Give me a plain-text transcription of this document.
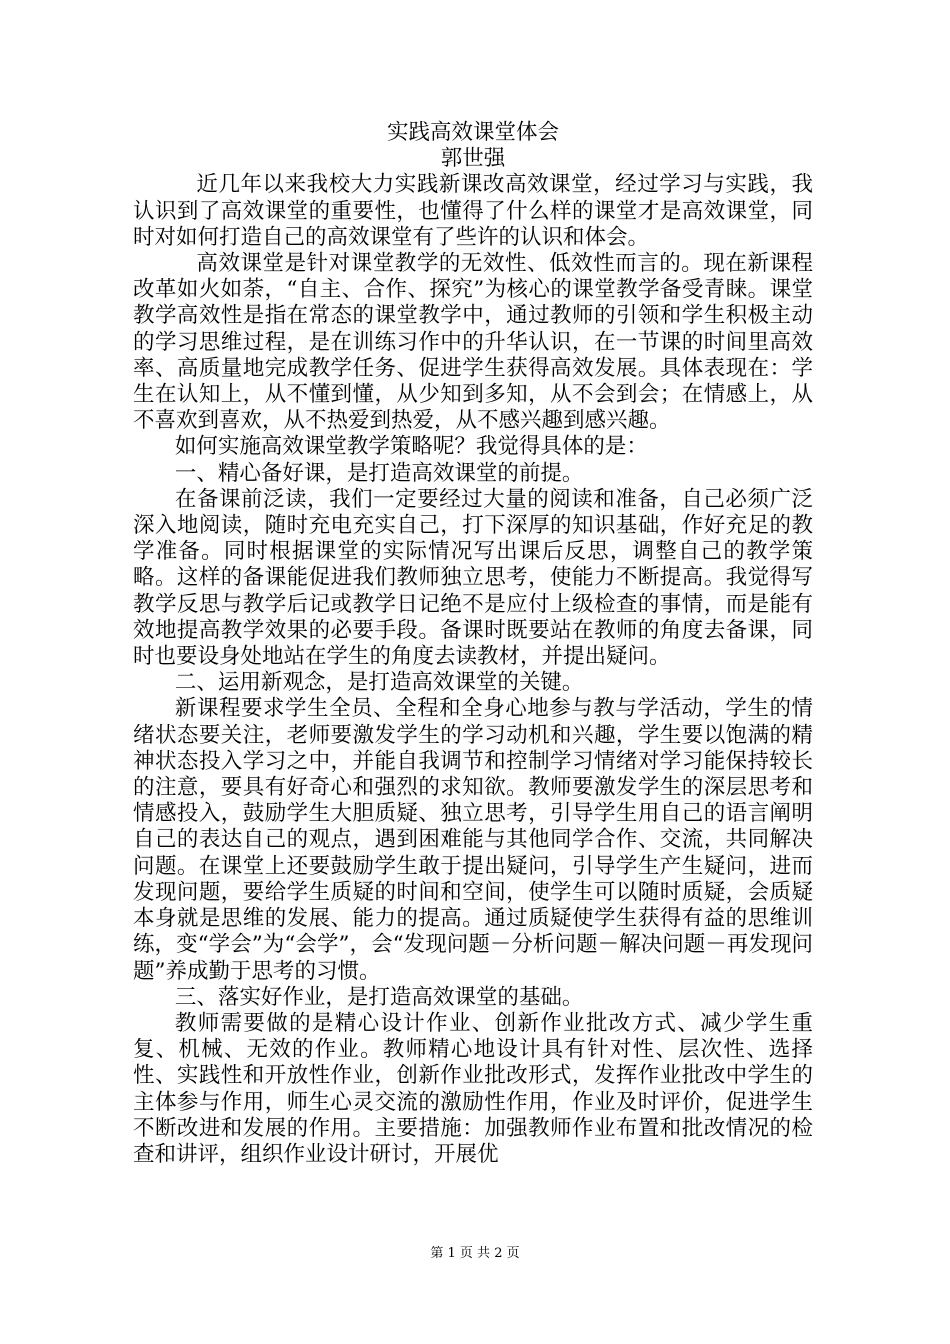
实践高效课堂体会

郭世强

近几年以来我校大力实践新课改高效课堂，经过学习与实践，我认识到了高效课堂的重要性，也懂得了什么样的课堂才是高效课堂，同时对如何打造自己的高效课堂有了些许的认识和体会。

高效课堂是针对课堂教学的无效性、低效性而言的。现在新课程改革如火如荼，“自主、合作、探究”为核心的课堂教学备受青睐。课堂教学高效性是指在常态的课堂教学中，通过教师的引领和学生积极主动的学习思维过程，是在训练习作中的升华认识，在一节课的时间里高效率、高质量地完成教学任务、促进学生获得高效发展。具体表现在：学生在认知上，从不懂到懂，从少知到多知，从不会到会；在情感上，从不喜欢到喜欢，从不热爱到热爱，从不感兴趣到感兴趣。

如何实施高效课堂教学策略呢？我觉得具体的是：

一、精心备好课，是打造高效课堂的前提。

在备课前泛读，我们一定要经过大量的阅读和准备，自己必须广泛深入地阅读，随时充电充实自己，打下深厚的知识基础，作好充足的教学准备。同时根据课堂的实际情况写出课后反思，调整自己的教学策略。这样的备课能促进我们教师独立思考，使能力不断提高。我觉得写教学反思与教学后记或教学日记绝不是应付上级检查的事情，而是能有效地提高教学效果的必要手段。备课时既要站在教师的角度去备课，同时也要设身处地站在学生的角度去读教材，并提出疑问。

二、运用新观念，是打造高效课堂的关键。

新课程要求学生全员、全程和全身心地参与教与学活动，学生的情绪状态要关注，老师要激发学生的学习动机和兴趣，学生要以饱满的精神状态投入学习之中，并能自我调节和控制学习情绪对学习能保持较长的注意，要具有好奇心和强烈的求知欲。教师要激发学生的深层思考和情感投入，鼓励学生大胆质疑、独立思考，引导学生用自己的语言阐明自己的表达自己的观点，遇到困难能与其他同学合作、交流，共同解决问题。在课堂上还要鼓励学生敢于提出疑问，引导学生产生疑问，进而发现问题，要给学生质疑的时间和空间，使学生可以随时质疑，会质疑本身就是思维的发展、能力的提高。通过质疑使学生获得有益的思维训练，变“学会”为“会学”，会“发现问题－分析问题－解决问题－再发现问题”养成勤于思考的习惯。

三、落实好作业，是打造高效课堂的基础。

教师需要做的是精心设计作业、创新作业批改方式、减少学生重复、机械、无效的作业。教师精心地设计具有针对性、层次性、选择性、实践性和开放性作业，创新作业批改形式，发挥作业批改中学生的主体参与作用，师生心灵交流的激励性作用，作业及时评价，促进学生不断改进和发展的作用。主要措施：加强教师作业布置和批改情况的检查和讲评，组织作业设计研讨，开展优

第 1 页 共 2 页
